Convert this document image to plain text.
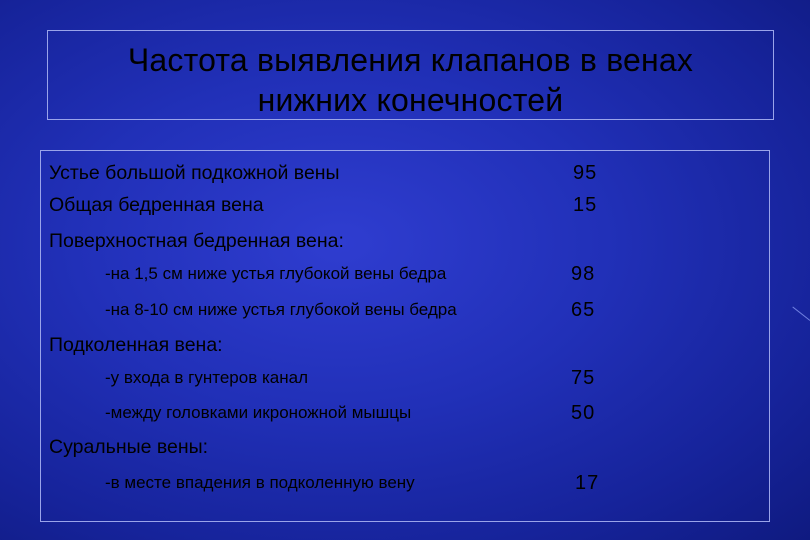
Частота выявления клапанов в венах
нижних конечностей
Устье большой подкожной вены	95
Общая бедренная вена	15
Поверхностная бедренная вена:
-на 1,5 см ниже устья глубокой вены бедра	98
-на 8-10 см ниже устья глубокой вены бедра	65
Подколенная вена:
-у входа в гунтеров канал	75
-между головками икроножной мышцы	50
Суральные вены:
-в месте впадения в подколенную вену	17
